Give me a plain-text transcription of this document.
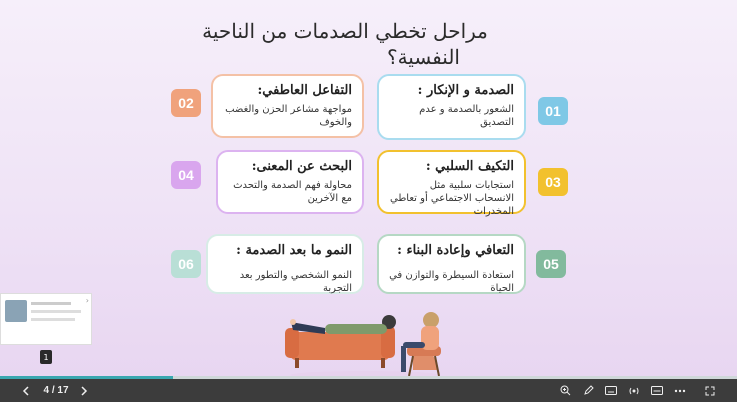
مراحل تخطي الصدمات من الناحية
النفسية؟
الصدمة و الإنكار :
الشعور بالصدمة و عدم التصديق
01
التفاعل العاطفي:
مواجهة مشاعر الحزن والغضب والخوف
02
التكيف السلبي :
استجابات سلبية مثل الانسحاب الاجتماعي أو تعاطي المخدرات
03
البحث عن المعنى:
محاولة فهم الصدمة والتحدث مع الآخرين
04
التعافي وإعادة البناء :
استعادة السيطرة والتوازن في الحياة
05
النمو ما بعد الصدمة :
النمو الشخصي والتطور بعد التجربة
06
›
1
4 / 17
